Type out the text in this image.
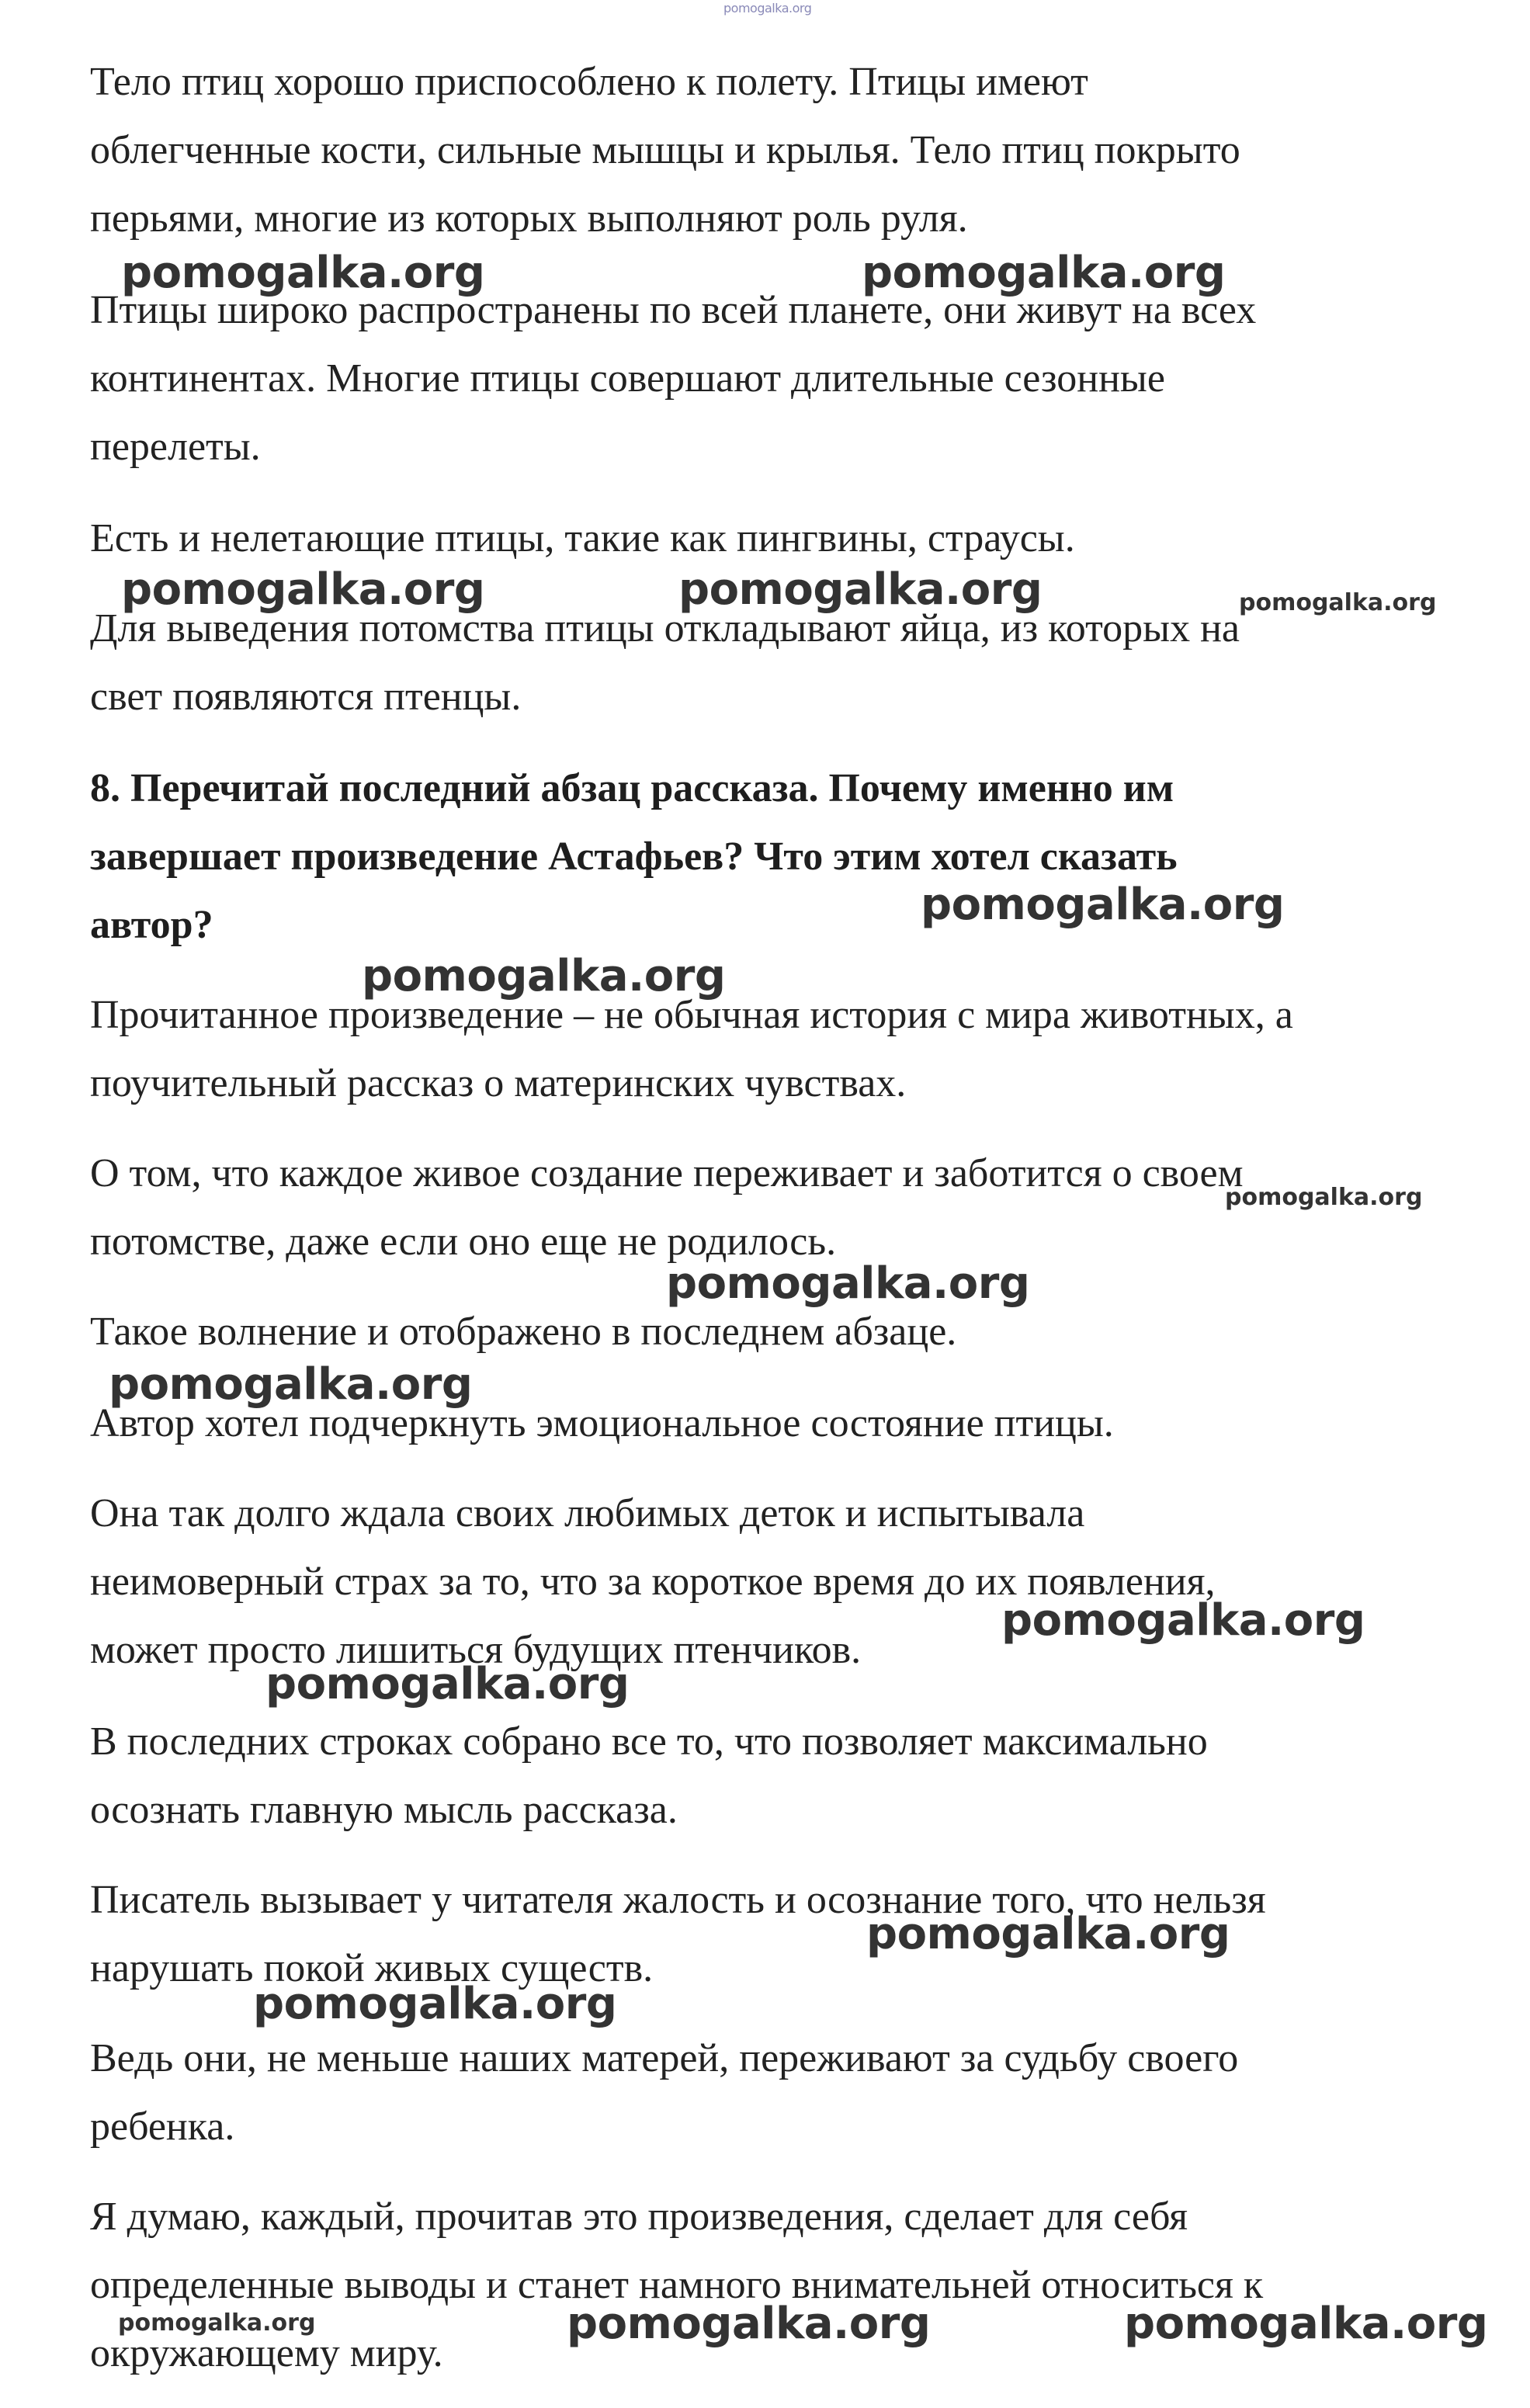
pomogalka.org

Тело птиц хорошо приспособлено к полету. Птицы имеют
облегченные кости, сильные мышцы и крылья. Тело птиц покрыто
перьями, многие из которых выполняют роль руля.

Птицы широко распространены по всей планете, они живут на всех
континентах. Многие птицы совершают длительные сезонные
перелеты.

Есть и нелетающие птицы, такие как пингвины, страусы.

Для выведения потомства птицы откладывают яйца, из которых на
свет появляются птенцы.

8. Перечитай последний абзац рассказа. Почему именно им
завершает произведение Астафьев? Что этим хотел сказать
автор?

Прочитанное произведение – не обычная история с мира животных, а
поучительный рассказ о материнских чувствах.

О том, что каждое живое создание переживает и заботится о своем
потомстве, даже если оно еще не родилось.

Такое волнение и отображено в последнем абзаце.

Автор хотел подчеркнуть эмоциональное состояние птицы.

Она так долго ждала своих любимых деток и испытывала
неимоверный страх за то, что за короткое время до их появления,
может просто лишиться будущих птенчиков.

В последних строках собрано все то, что позволяет максимально
осознать главную мысль рассказа.

Писатель вызывает у читателя жалость и осознание того, что нельзя
нарушать покой живых существ.

Ведь они, не меньше наших матерей, переживают за судьбу своего
ребенка.

Я думаю, каждый, прочитав это произведения, сделает для себя
определенные выводы и станет намного внимательней относиться к
окружающему миру.

pomogalka.org	pomogalka.org
pomogalka.org	pomogalka.org	pomogalka.org
pomogalka.org
pomogalka.org
pomogalka.org
pomogalka.org
pomogalka.org
pomogalka.org
pomogalka.org
pomogalka.org
pomogalka.org
pomogalka.org	pomogalka.org	pomogalka.org
